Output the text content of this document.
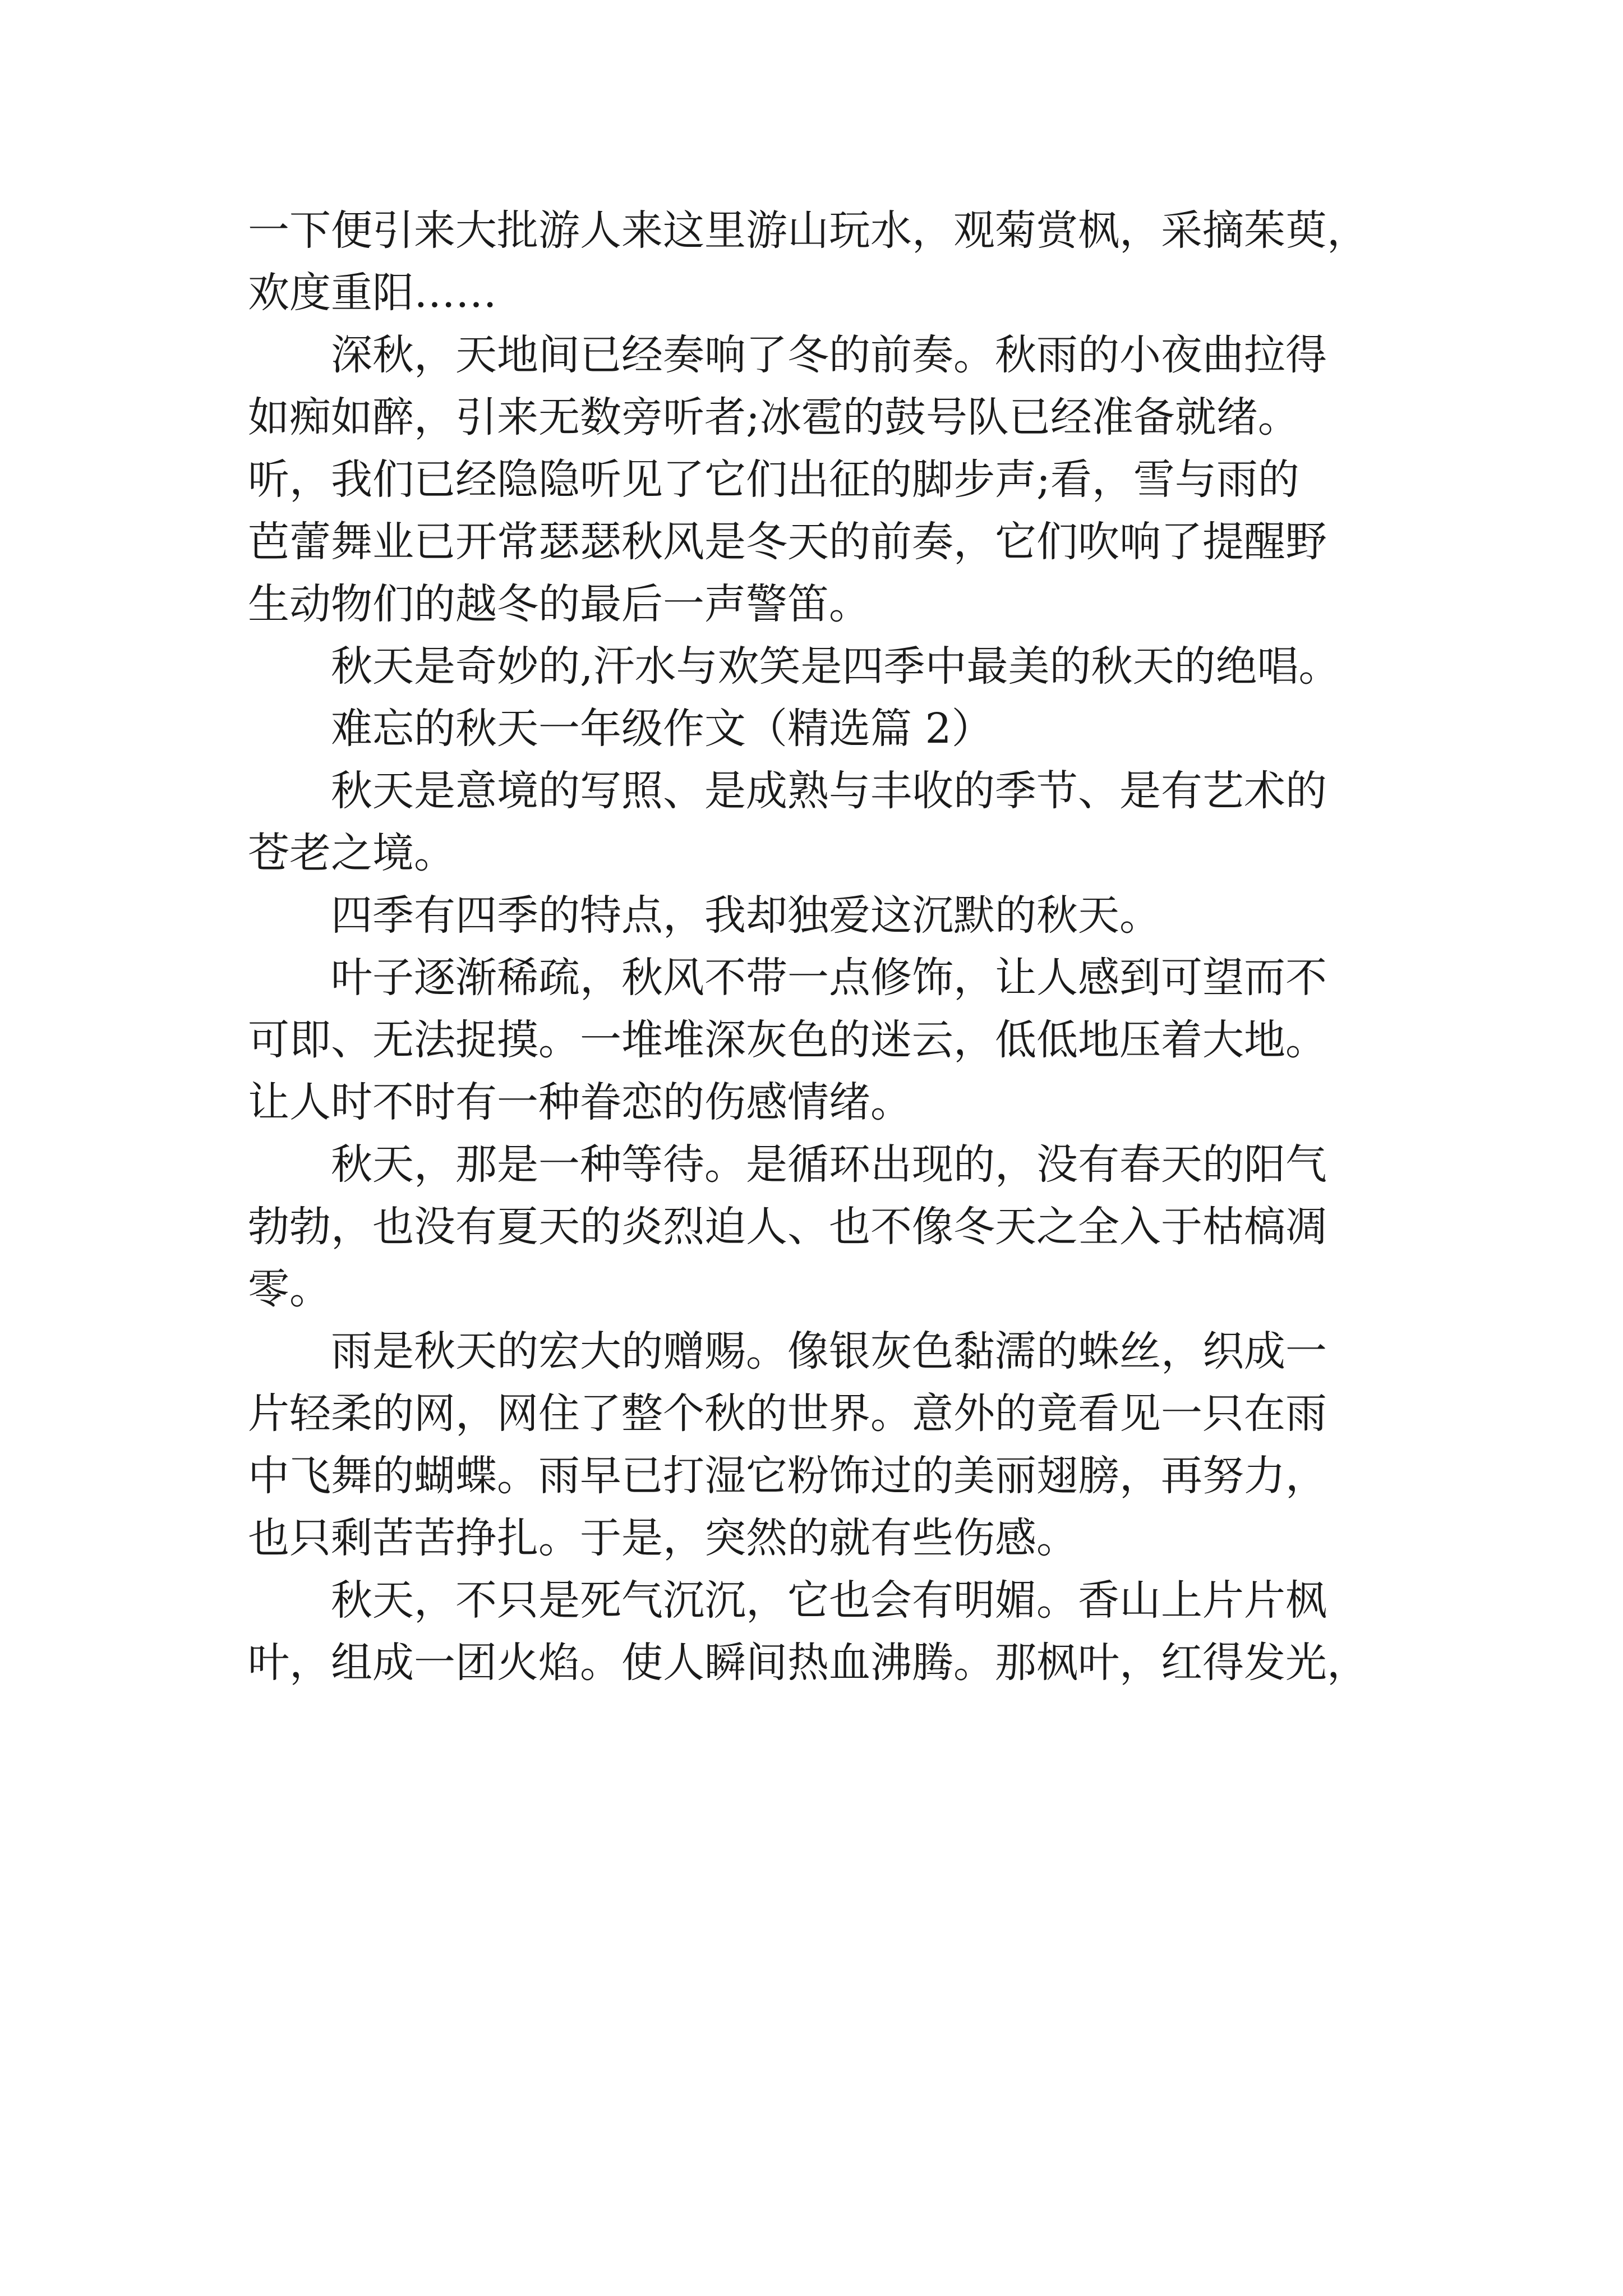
一下便引来大批游人来这里游山玩水，观菊赏枫，采摘茱萸，
欢度重阳……
深秋，天地间已经奏响了冬的前奏。秋雨的小夜曲拉得
如痴如醉，引来无数旁听者;冰雹的鼓号队已经准备就绪。
听，我们已经隐隐听见了它们出征的脚步声;看，雪与雨的
芭蕾舞业已开常瑟瑟秋风是冬天的前奏，它们吹响了提醒野
生动物们的越冬的最后一声警笛。
秋天是奇妙的,汗水与欢笑是四季中最美的秋天的绝唱。
难忘的秋天一年级作文（精选篇 2）
秋天是意境的写照、是成熟与丰收的季节、是有艺术的
苍老之境。
四季有四季的特点，我却独爱这沉默的秋天。
叶子逐渐稀疏，秋风不带一点修饰，让人感到可望而不
可即、无法捉摸。一堆堆深灰色的迷云，低低地压着大地。
让人时不时有一种眷恋的伤感情绪。
秋天，那是一种等待。是循环出现的，没有春天的阳气
勃勃，也没有夏天的炎烈迫人、也不像冬天之全入于枯槁凋
零。
雨是秋天的宏大的赠赐。像银灰色黏濡的蛛丝，织成一
片轻柔的网，网住了整个秋的世界。意外的竟看见一只在雨
中飞舞的蝴蝶。雨早已打湿它粉饰过的美丽翅膀，再努力，
也只剩苦苦挣扎。于是，突然的就有些伤感。
秋天，不只是死气沉沉，它也会有明媚。香山上片片枫
叶，组成一团火焰。使人瞬间热血沸腾。那枫叶，红得发光，
